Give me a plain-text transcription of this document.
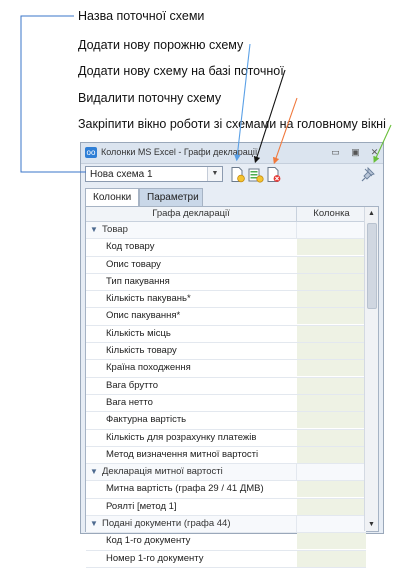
Назва поточної схеми
Додати нову порожню схему
Додати нову схему на базі поточної
Видалити поточну схему
Закріпити вікно роботи зі схемами на головному вікні
oo Колонки MS Excel - Графи декларації	▭ ▣	✕
Нова схема 1	▼
Колонки	Параметри
Графа декларації	Колонка
▼ Товар
Код товару
Опис товару
Тип пакування
Кількість пакувань*
Опис пакування*
Кількість місць
Кількість товару
Країна походження
Вага брутто
Вага нетто
Фактурна вартість
Кількість для розрахунку платежів
Метод визначення митної вартості
▼ Декларація митної вартості
Митна вартість (графа 29 / 41 ДМВ)
Роялті [метод 1]
▼ Подані документи (графа 44)
Код 1-го документу
Номер 1-го документу
▲
▼
